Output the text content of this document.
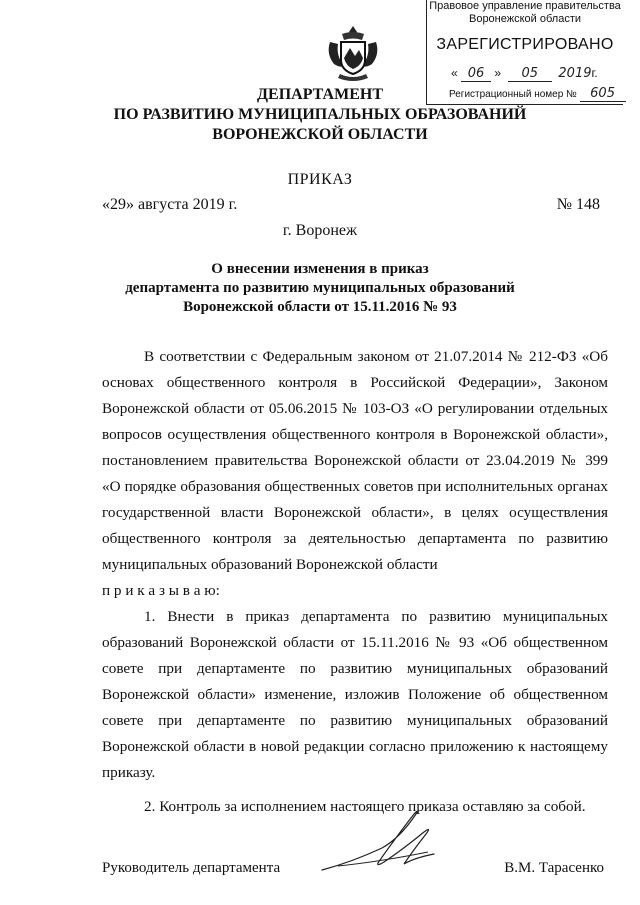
Правовое управление правительства
Воронежской области
ЗАРЕГИСТРИРОВАНО
« 06 » 05 2019г.
Регистрационный номер № 605
ДЕПАРТАМЕНТ
ПО РАЗВИТИЮ МУНИЦИПАЛЬНЫХ ОБРАЗОВАНИЙ
ВОРОНЕЖСКОЙ ОБЛАСТИ
ПРИКАЗ
«29» августа 2019 г.	№ 148
г. Воронеж
О внесении изменения в приказ
департамента по развитию муниципальных образований
Воронежской области от 15.11.2016 № 93
В соответствии с Федеральным законом от 21.07.2014 № 212-ФЗ «Об
основах общественного контроля в Российской Федерации», Законом
Воронежской области от 05.06.2015 № 103-ОЗ «О регулировании отдельных
вопросов осуществления общественного контроля в Воронежской области»,
постановлением правительства Воронежской области от 23.04.2019 № 399
«О порядке образования общественных советов при исполнительных органах
государственной власти Воронежской области», в целях осуществления
общественного контроля за деятельностью департамента по развитию
муниципальных образований Воронежской области
п р и к а з ы в а ю:
1. Внести в приказ департамента по развитию муниципальных
образований Воронежской области от 15.11.2016 № 93 «Об общественном
совете при департаменте по развитию муниципальных образований
Воронежской области» изменение, изложив Положение об общественном
совете при департаменте по развитию муниципальных образований
Воронежской области в новой редакции согласно приложению к настоящему
приказу.
2. Контроль за исполнением настоящего приказа оставляю за собой.
Руководитель департамента	В.М. Тарасенко
